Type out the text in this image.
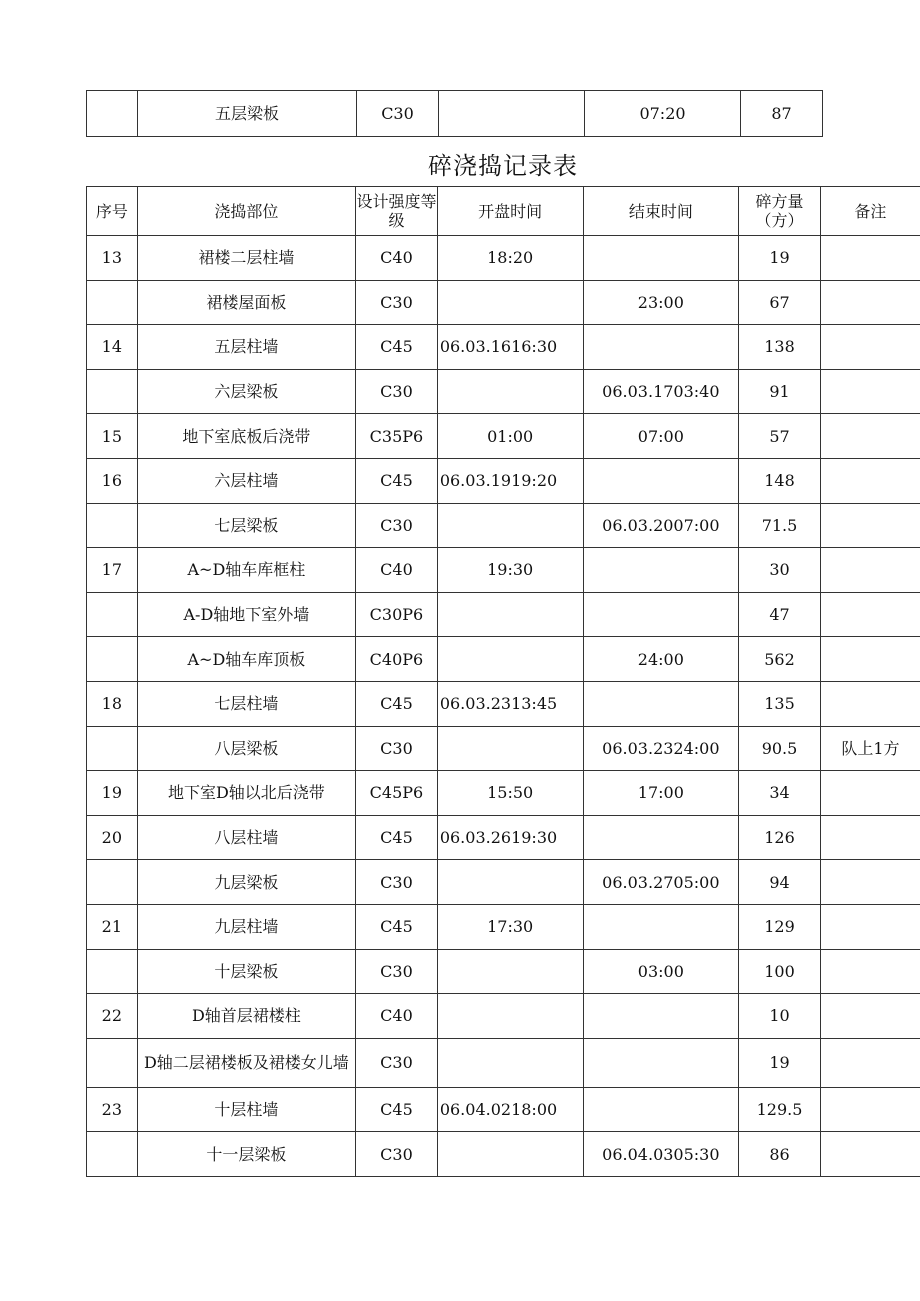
	五层梁板	C30		07:20	87
碎浇捣记录表
序号	浇捣部位	设计强度等级	开盘时间	结束时间	碎方量（方）	备注
13	裙楼二层柱墙	C40	18:20		19	
	裙楼屋面板	C30		23:00	67	
14	五层柱墙	C45	06.03.1616:30		138	
	六层梁板	C30		06.03.1703:40	91	
15	地下室底板后浇带	C35P6	01:00	07:00	57	
16	六层柱墙	C45	06.03.1919:20		148	
	七层梁板	C30		06.03.2007:00	71.5	
17	A~D轴车库框柱	C40	19:30		30	
	A-D轴地下室外墙	C30P6			47	
	A~D轴车库顶板	C40P6		24:00	562	
18	七层柱墙	C45	06.03.2313:45		135	
	八层梁板	C30		06.03.2324:00	90.5	队上1方
19	地下室D轴以北后浇带	C45P6	15:50	17:00	34	
20	八层柱墙	C45	06.03.2619:30		126	
	九层梁板	C30		06.03.2705:00	94	
21	九层柱墙	C45	17:30		129	
	十层梁板	C30		03:00	100	
22	D轴首层裙楼柱	C40			10	
	D轴二层裙楼板及裙楼女儿墙	C30			19	
23	十层柱墙	C45	06.04.0218:00		129.5	
	十一层梁板	C30		06.04.0305:30	86	
